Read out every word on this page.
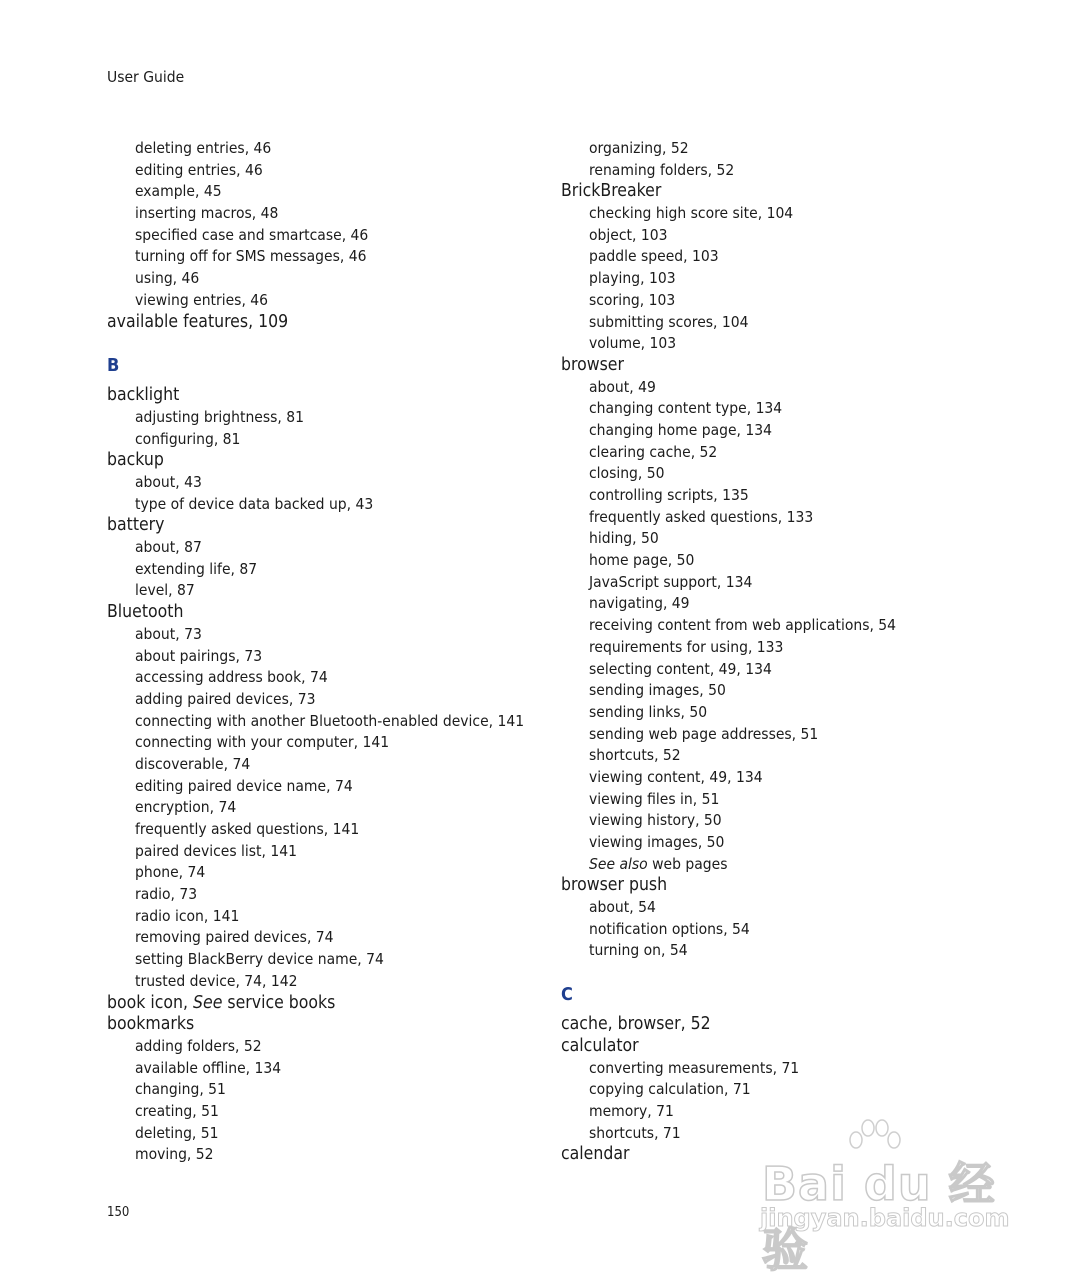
User Guide
deleting entries, 46
editing entries, 46
example, 45
inserting macros, 48
specified case and smartcase, 46
turning off for SMS messages, 46
using, 46
viewing entries, 46
available features, 109
B
backlight
adjusting brightness, 81
configuring, 81
backup
about, 43
type of device data backed up, 43
battery
about, 87
extending life, 87
level, 87
Bluetooth
about, 73
about pairings, 73
accessing address book, 74
adding paired devices, 73
connecting with another Bluetooth-enabled device, 141
connecting with your computer, 141
discoverable, 74
editing paired device name, 74
encryption, 74
frequently asked questions, 141
paired devices list, 141
phone, 74
radio, 73
radio icon, 141
removing paired devices, 74
setting BlackBerry device name, 74
trusted device, 74, 142
book icon, See service books
bookmarks
adding folders, 52
available offline, 134
changing, 51
creating, 51
deleting, 51
moving, 52
organizing, 52
renaming folders, 52
BrickBreaker
checking high score site, 104
object, 103
paddle speed, 103
playing, 103
scoring, 103
submitting scores, 104
volume, 103
browser
about, 49
changing content type, 134
changing home page, 134
clearing cache, 52
closing, 50
controlling scripts, 135
frequently asked questions, 133
hiding, 50
home page, 50
JavaScript support, 134
navigating, 49
receiving content from web applications, 54
requirements for using, 133
selecting content, 49, 134
sending images, 50
sending links, 50
sending web page addresses, 51
shortcuts, 52
viewing content, 49, 134
viewing files in, 51
viewing history, 50
viewing images, 50
See also web pages
browser push
about, 54
notification options, 54
turning on, 54
C
cache, browser, 52
calculator
converting measurements, 71
copying calculation, 71
memory, 71
shortcuts, 71
calendar
150
Bai du 经验
jingyan.baidu.com
